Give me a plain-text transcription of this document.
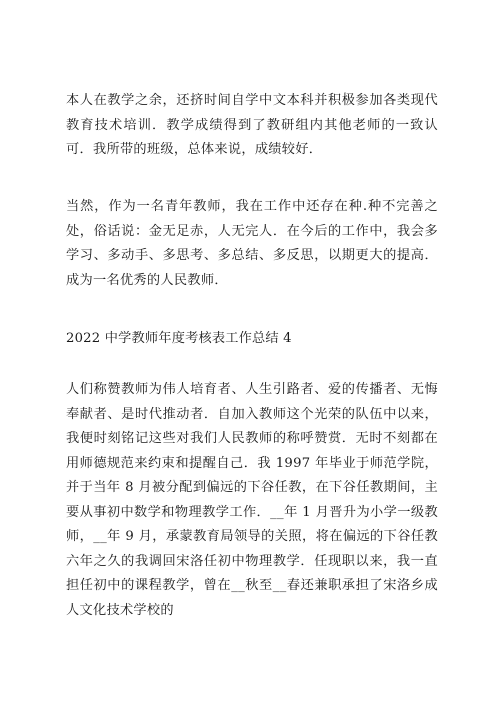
本人在教学之余，还挤时间自学中文本科并积极参加各类现代教育技术培训．教学成绩得到了教研组内其他老师的一致认可．我所带的班级，总体来说，成绩较好．

当然，作为一名青年教师，我在工作中还存在种.种不完善之处，俗话说：金无足赤，人无完人．在今后的工作中，我会多学习、多动手、多思考、多总结、多反思，以期更大的提高．成为一名优秀的人民教师．

2022 中学教师年度考核表工作总结 4

人们称赞教师为伟人培育者、人生引路者、爱的传播者、无悔奉献者、是时代推动者．自加入教师这个光荣的队伍中以来，我便时刻铭记这些对我们人民教师的称呼赞赏．无时不刻都在用师德规范来约束和提醒自己．我 1997 年毕业于师范学院，并于当年 8 月被分配到偏远的下谷任教，在下谷任教期间，主要从事初中数学和物理教学工作．__年 1 月晋升为小学一级教师，__年 9 月，承蒙教育局领导的关照，将在偏远的下谷任教六年之久的我调回宋洛任初中物理教学．任现职以来，我一直担任初中的课程教学，曾在__秋至__春还兼职承担了宋洛乡成人文化技术学校的
